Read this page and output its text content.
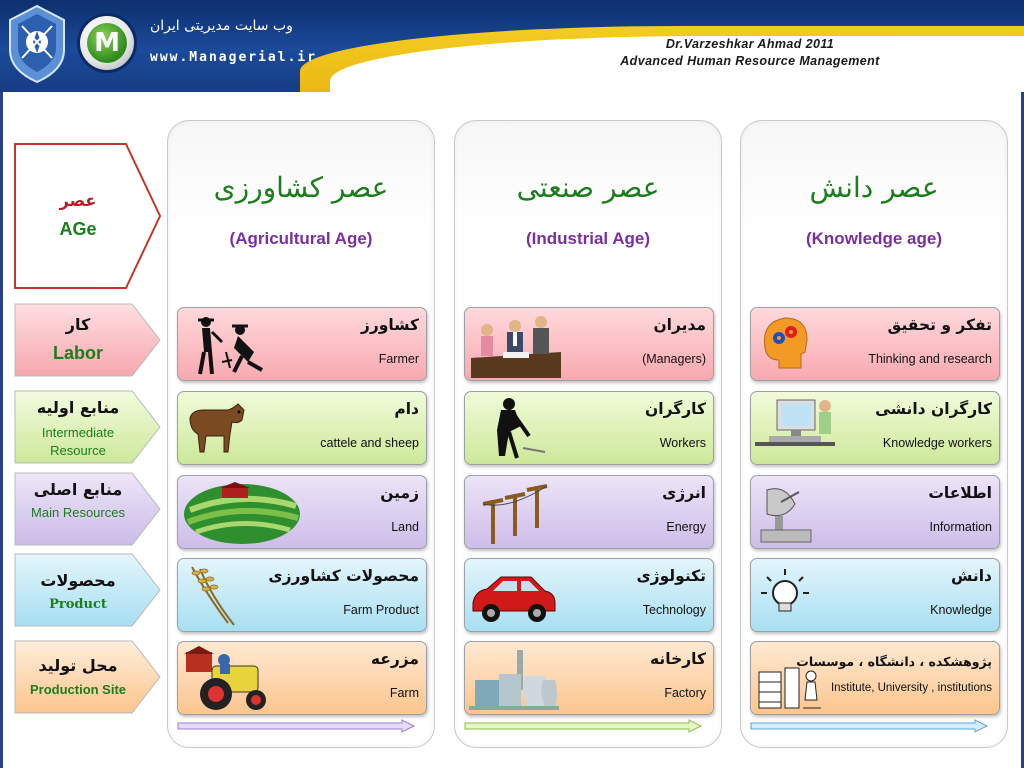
M
وب سایت مدیریتی ایران
www.Managerial.ir
Dr.Varzeshkar Ahmad 2011
Advanced Human Resource Management
عصر
AGe
کار
Labor
منابع اولیه
Intermediate Resource
منابع اصلی
Main Resources
محصولات
Product
محل تولید
Production Site
عصر کشاورزی
(Agricultural Age)
کشاورز
Farmer
دام
cattele and sheep
زمین
Land
محصولات کشاورزی
Farm Product
مزرعه
Farm
عصر صنعتی
(Industrial Age)
مدیران
(Managers)
کارگران
Workers
انرژی
Energy
تکنولوژی
Technology
کارخانه
Factory
عصر دانش
(Knowledge age)
تفکر و تحقیق
Thinking and research
کارگران دانشی
Knowledge workers
اطلاعات
Information
دانش
Knowledge
پژوهشکده ، دانشگاه ، موسسات
Institute, University , institutions
